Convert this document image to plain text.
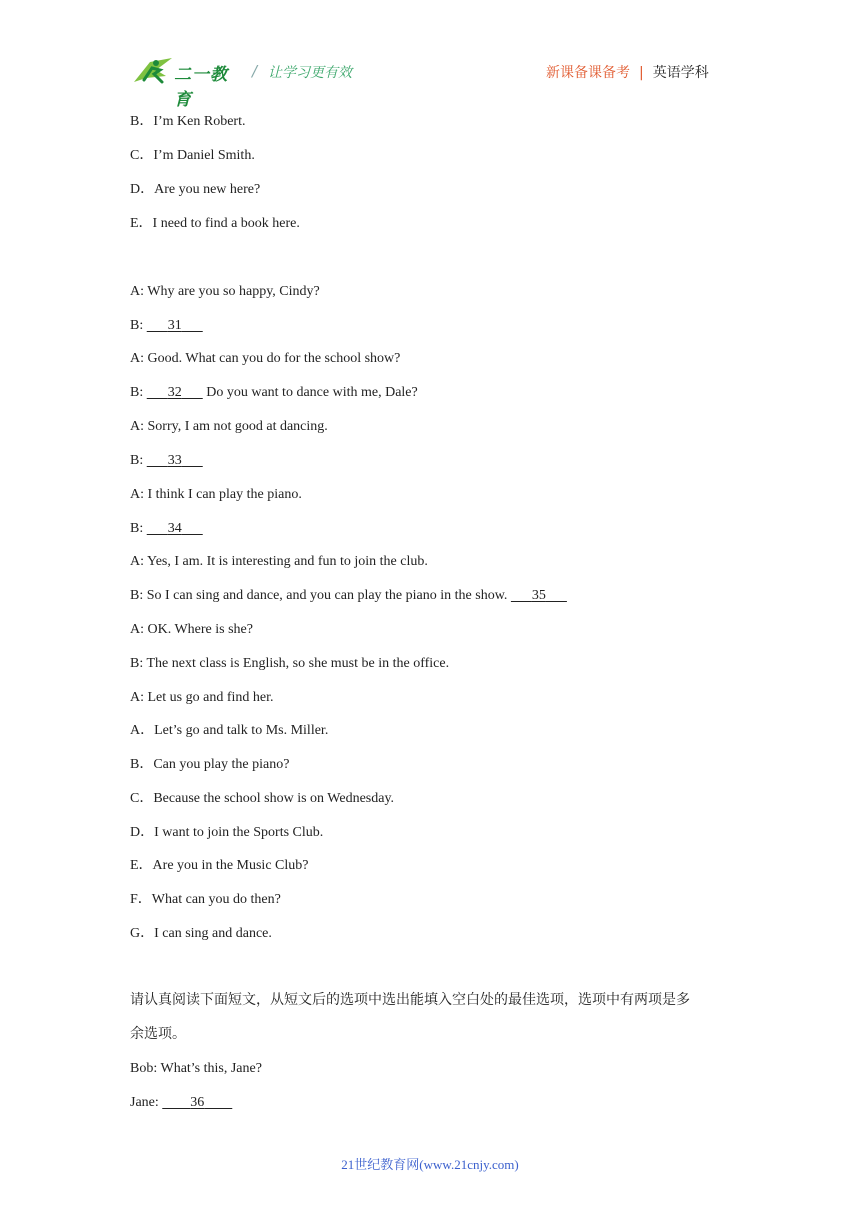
二一教育
/ 让学习更有效	新课备课备考 | 英语学科
B．I’m Ken Robert.
C．I’m Daniel Smith.
D．Are you new here?
E．I need to find a book here.
A: Why are you so happy, Cindy?
B: 31
A: Good. What can you do for the school show?
B: 32 Do you want to dance with me, Dale?
A: Sorry, I am not good at dancing.
B: 33
A: I think I can play the piano.
B: 34
A: Yes, I am. It is interesting and fun to join the club.
B: So I can sing and dance, and you can play the piano in the show. 35
A: OK. Where is she?
B: The next class is English, so she must be in the office.
A: Let us go and find her.
A．Let’s go and talk to Ms. Miller.
B．Can you play the piano?
C．Because the school show is on Wednesday.
D．I want to join the Sports Club.
E．Are you in the Music Club?
F．What can you do then?
G．I can sing and dance.
请认真阅读下面短文，从短文后的选项中选出能填入空白处的最佳选项，选项中有两项是多
余选项。
Bob: What’s this, Jane?
Jane: 36
21世纪教育网(www.21cnjy.com)
